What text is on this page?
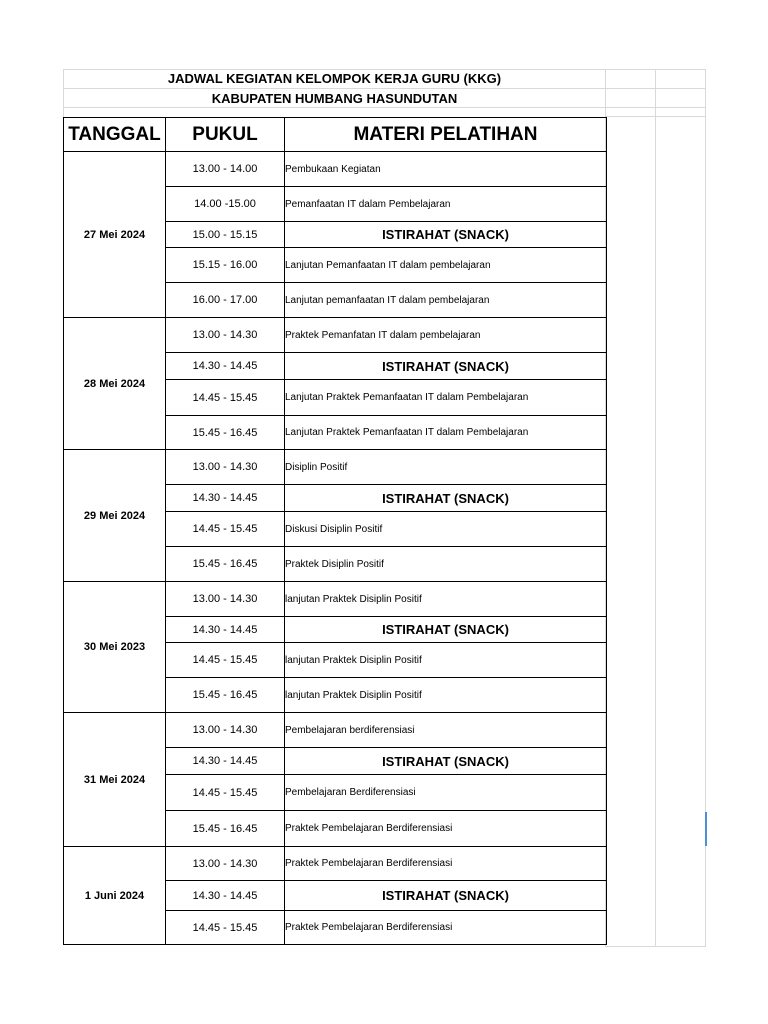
JADWAL KEGIATAN KELOMPOK KERJA GURU (KKG)
KABUPATEN HUMBANG HASUNDUTAN
TANGGAL	PUKUL	MATERI PELATIHAN
27 Mei 2024	13.00 - 14.00	Pembukaan Kegiatan
	14.00 -15.00	Pemanfaatan IT dalam Pembelajaran
	15.00 - 15.15	ISTIRAHAT (SNACK)
	15.15 - 16.00	Lanjutan Pemanfaatan IT dalam pembelajaran
	16.00 - 17.00	Lanjutan pemanfaatan IT dalam pembelajaran
28 Mei 2024	13.00 - 14.30	Praktek Pemanfatan IT dalam pembelajaran
	14.30 - 14.45	ISTIRAHAT (SNACK)
	14.45 - 15.45	Lanjutan Praktek Pemanfaatan IT dalam Pembelajaran
	15.45 - 16.45	Lanjutan Praktek Pemanfaatan IT dalam Pembelajaran
29 Mei 2024	13.00 - 14.30	Disiplin Positif
	14.30 - 14.45	ISTIRAHAT (SNACK)
	14.45 - 15.45	Diskusi Disiplin Positif
	15.45 - 16.45	Praktek Disiplin Positif
30 Mei 2023	13.00 - 14.30	lanjutan Praktek Disiplin Positif
	14.30 - 14.45	ISTIRAHAT (SNACK)
	14.45 - 15.45	lanjutan Praktek Disiplin Positif
	15.45 - 16.45	lanjutan Praktek Disiplin Positif
31 Mei 2024	13.00 - 14.30	Pembelajaran berdiferensiasi
	14.30 - 14.45	ISTIRAHAT (SNACK)
	14.45 - 15.45	Pembelajaran Berdiferensiasi
	15.45 - 16.45	Praktek Pembelajaran Berdiferensiasi
1 Juni 2024	13.00 - 14.30	Praktek Pembelajaran Berdiferensiasi
	14.30 - 14.45	ISTIRAHAT (SNACK)
	14.45 - 15.45	Praktek Pembelajaran Berdiferensiasi
